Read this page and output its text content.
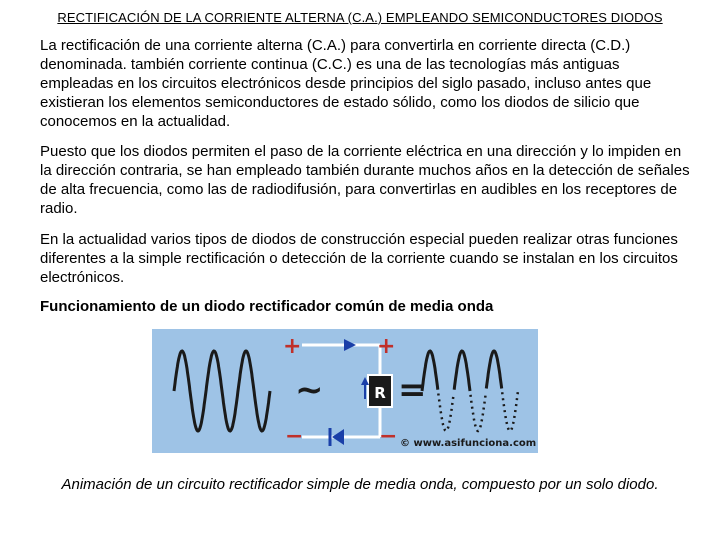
RECTIFICACIÓN DE LA CORRIENTE ALTERNA (C.A.) EMPLEANDO SEMICONDUCTORES DIODOS

La rectificación de una corriente alterna (C.A.) para convertirla en corriente directa (C.D.) denominada. también corriente continua (C.C.) es una de las tecnologías más antiguas empleadas en los circuitos electrónicos desde principios del siglo pasado, incluso antes que existieran los elementos semiconductores de estado sólido, como los diodos de silicio que conocemos en la actualidad.

Puesto que los diodos permiten el paso de la corriente eléctrica en una dirección y lo impiden en la dirección contraria, se han empleado también durante muchos años en la detección de señales de alta frecuencia, como las de radiodifusión, para convertirlas en audibles en los receptores de radio.

En la actualidad varios tipos de diodos de construcción especial pueden realizar otras funciones diferentes a la simple rectificación o detección de la corriente cuando se instalan en los circuitos electrónicos.

Funcionamiento de un diodo rectificador común de media onda
~	R
+	+
−	−
=
© www.asifunciona.com
Animación de un circuito rectificador simple de media onda, compuesto por un solo diodo.
